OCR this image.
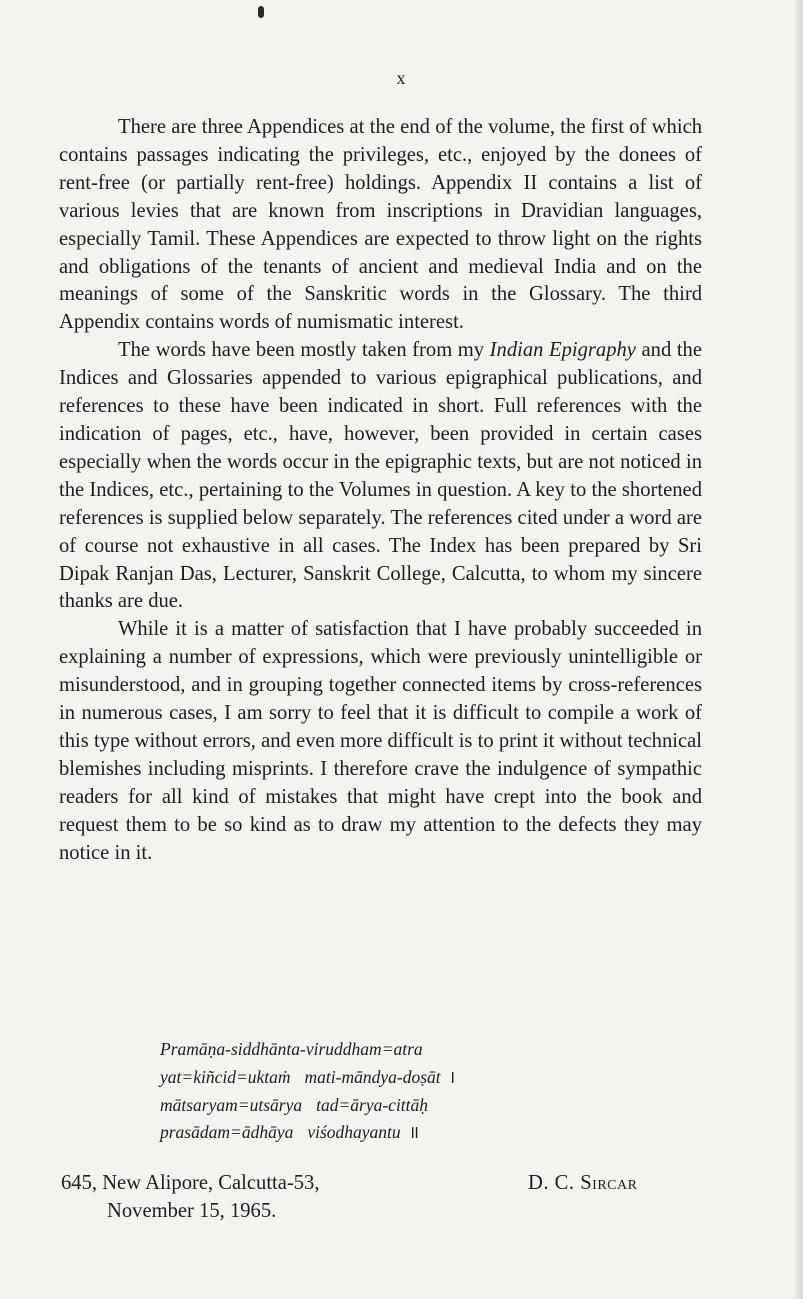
x

There are three Appendices at the end of the volume, the first of which contains passages indicating the privileges, etc., enjoyed by the donees of rent-free (or partially rent-free) holdings. Appendix II contains a list of various levies that are known from inscriptions in Dravidian languages, especially Tamil. These Appendices are expected to throw light on the rights and obligations of the tenants of ancient and medieval India and on the meanings of some of the Sanskritic words in the Glossary. The third Appendix contains words of numismatic interest.

The words have been mostly taken from my Indian Epigraphy and the Indices and Glossaries appended to various epigraphical publications, and references to these have been indicated in short. Full references with the indication of pages, etc., have, however, been provided in certain cases especially when the words occur in the epigraphic texts, but are not noticed in the Indices, etc., pertaining to the Volumes in question. A key to the shortened references is supplied below separately. The references cited under a word are of course not exhaustive in all cases. The Index has been prepared by Sri Dipak Ranjan Das, Lecturer, Sanskrit College, Calcutta, to whom my sincere thanks are due.

While it is a matter of satisfaction that I have probably succeeded in explaining a number of expressions, which were previously unintelligible or misunderstood, and in grouping together connected items by cross-references in numerous cases, I am sorry to feel that it is difficult to compile a work of this type without errors, and even more difficult is to print it without technical blemishes including misprints. I therefore crave the indulgence of sympathic readers for all kind of mistakes that might have crept into the book and request them to be so kind as to draw my attention to the defects they may notice in it.

Pramāṇa-siddhānta-viruddham=atra
yat=kiñcid=uktaṁ mati-māndya-doṣāt ।
mātsaryam=utsārya tad=ārya-cittāḥ
prasādam=ādhāya viśodhayantu ॥
645, New Alipore, Calcutta-53,
November 15, 1965.
D. C. Sircar
